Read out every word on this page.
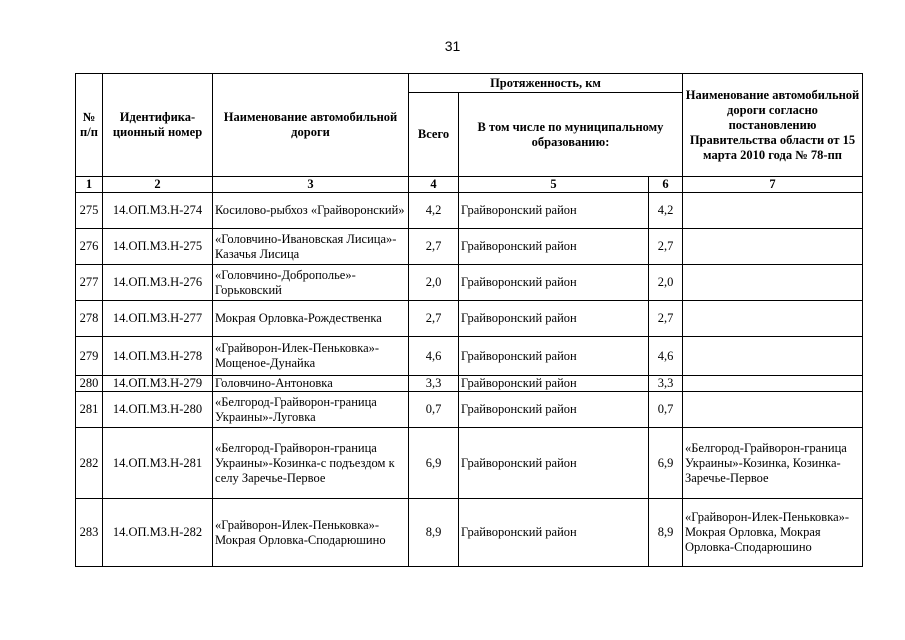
31
№ п/п	Идентифика-ционный номер	Наименование автомобильной дороги	Протяженность, км			Наименование автомобильной дороги согласно постановлению Правительства области от 15 марта 2010 года № 78-пп
			Всего	В том числе по муниципальному образованию:		
1	2	3	4	5	6	7
275	14.ОП.МЗ.Н-274	Косилово-рыбхоз «Грайворонский»	4,2	Грайворонский район	4,2	
276	14.ОП.МЗ.Н-275	«Головчино-Ивановская Лисица»-Казачья Лисица	2,7	Грайворонский район	2,7	
277	14.ОП.МЗ.Н-276	«Головчино-Доброполье»-Горьковский	2,0	Грайворонский район	2,0	
278	14.ОП.МЗ.Н-277	Мокрая Орловка-Рождественка	2,7	Грайворонский район	2,7	
279	14.ОП.МЗ.Н-278	«Грайворон-Илек-Пеньковка»-Мощеное-Дунайка	4,6	Грайворонский район	4,6	
280	14.ОП.МЗ.Н-279	Головчино-Антоновка	3,3	Грайворонский район	3,3	
281	14.ОП.МЗ.Н-280	«Белгород-Грайворон-граница Украины»-Луговка	0,7	Грайворонский район	0,7	
282	14.ОП.МЗ.Н-281	«Белгород-Грайворон-граница Украины»-Козинка-с подъездом к селу Заречье-Первое	6,9	Грайворонский район	6,9	«Белгород-Грайворон-граница Украины»-Козинка, Козинка-Заречье-Первое
283	14.ОП.МЗ.Н-282	«Грайворон-Илек-Пеньковка»-Мокрая Орловка-Сподарюшино	8,9	Грайворонский район	8,9	«Грайворон-Илек-Пеньковка»-Мокрая Орловка, Мокрая Орловка-Сподарюшино
